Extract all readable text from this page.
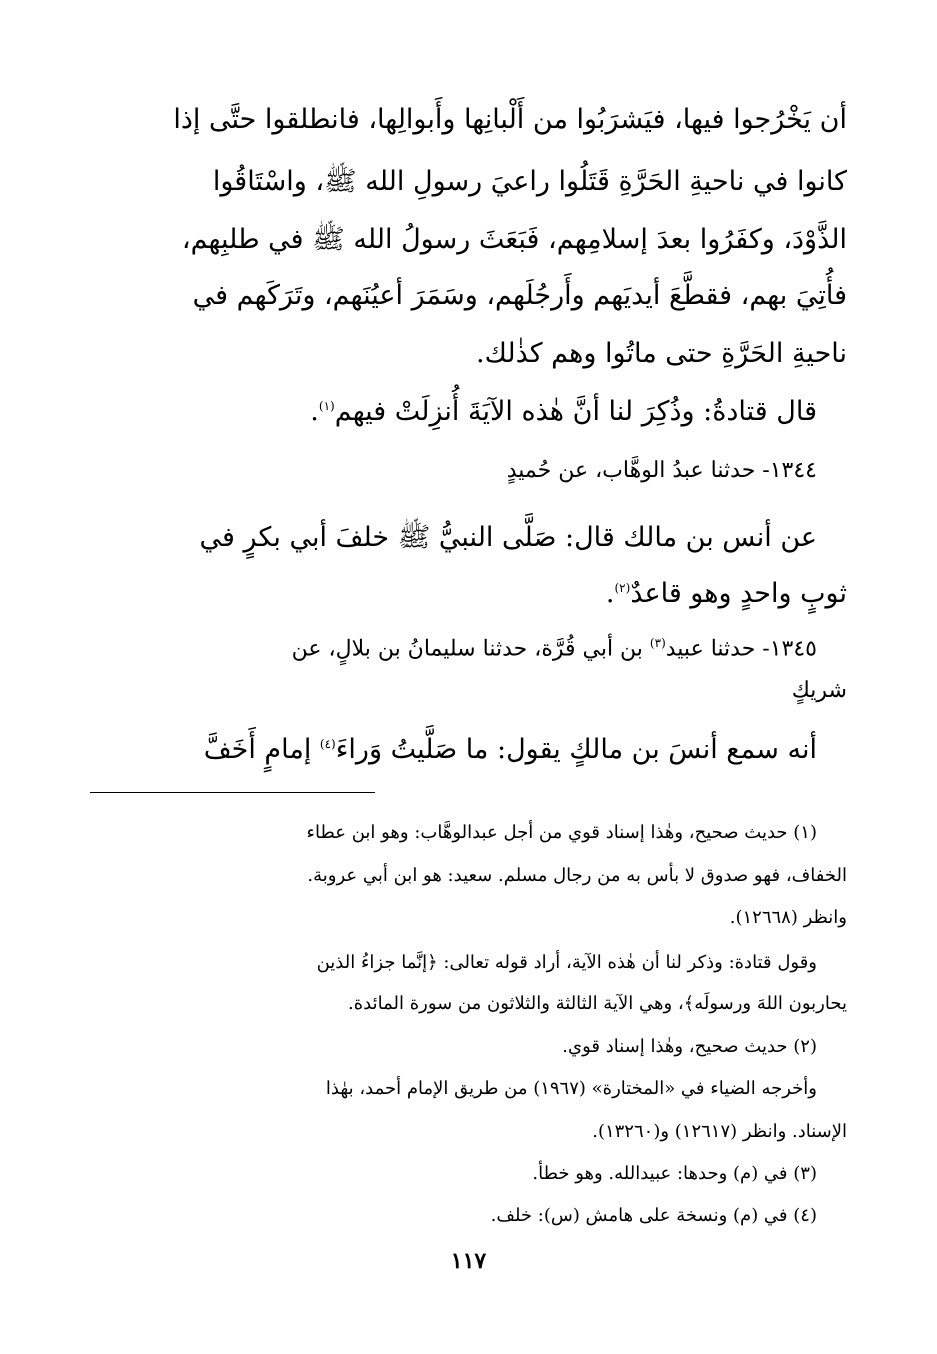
أن يَخْرُجوا فيها، فيَشرَبُوا من أَلْبانِها وأَبوالِها، فانطلقوا حتَّى إذا
كانوا في ناحيةِ الحَرَّةِ قَتَلُوا راعيَ رسولِ الله ﷺ، واسْتَاقُوا
الذَّوْدَ، وكفَرُوا بعدَ إسلامِهم، فَبَعَثَ رسولُ الله ﷺ في طلبِهم،
فأُتِيَ بهم، فقطَّعَ أيديَهم وأَرجُلَهم، وسَمَرَ أعيُنَهم، وتَرَكَهم في
ناحيةِ الحَرَّةِ حتى ماتُوا وهم كذٰلك.
قال قتادةُ: وذُكِرَ لنا أنَّ هٰذه الآيَةَ أُنزِلَتْ فيهم$^{(١)}$.
١٣٤٤- حدثنا عبدُ الوهَّاب، عن حُميدٍ
عن أنس بن مالك قال: صَلَّى النبيُّ ﷺ خلفَ أبي بكرٍ في
ثوبٍ واحدٍ وهو قاعدٌ$^{(٢)}$.
١٣٤٥- حدثنا عبيد$^{(٣)}$ بن أبي قُرَّة، حدثنا سليمانُ بن بلالٍ، عن
شريكٍ
أنه سمع أنسَ بن مالكٍ يقول: ما صَلَّيتُ وَراءَ$^{(٤)}$ إمامٍ أَخَفَّ
(١) حديث صحيح، وهٰذا إسناد قوي من أجل عبدالوهَّاب: وهو ابن عطاء
الخفاف، فهو صدوق لا بأس به من رجال مسلم. سعيد: هو ابن أبي عروبة.
وانظر (١٢٦٦٨).
وقول قتادة: وذكر لنا أن هٰذه الآية، أراد قوله تعالى: ﴿إنَّما جزاءُ الذين
يحاربون اللهَ ورسولَه﴾، وهي الآية الثالثة والثلاثون من سورة المائدة.
(٢) حديث صحيح، وهٰذا إسناد قوي.
وأخرجه الضياء في «المختارة» (١٩٦٧) من طريق الإمام أحمد، بهٰذا
الإسناد. وانظر (١٢٦١٧) و(١٣٢٦٠).
(٣) في (م) وحدها: عبيدالله. وهو خطأ.
(٤) في (م) ونسخة على هامش (س): خلف.
١١٧
